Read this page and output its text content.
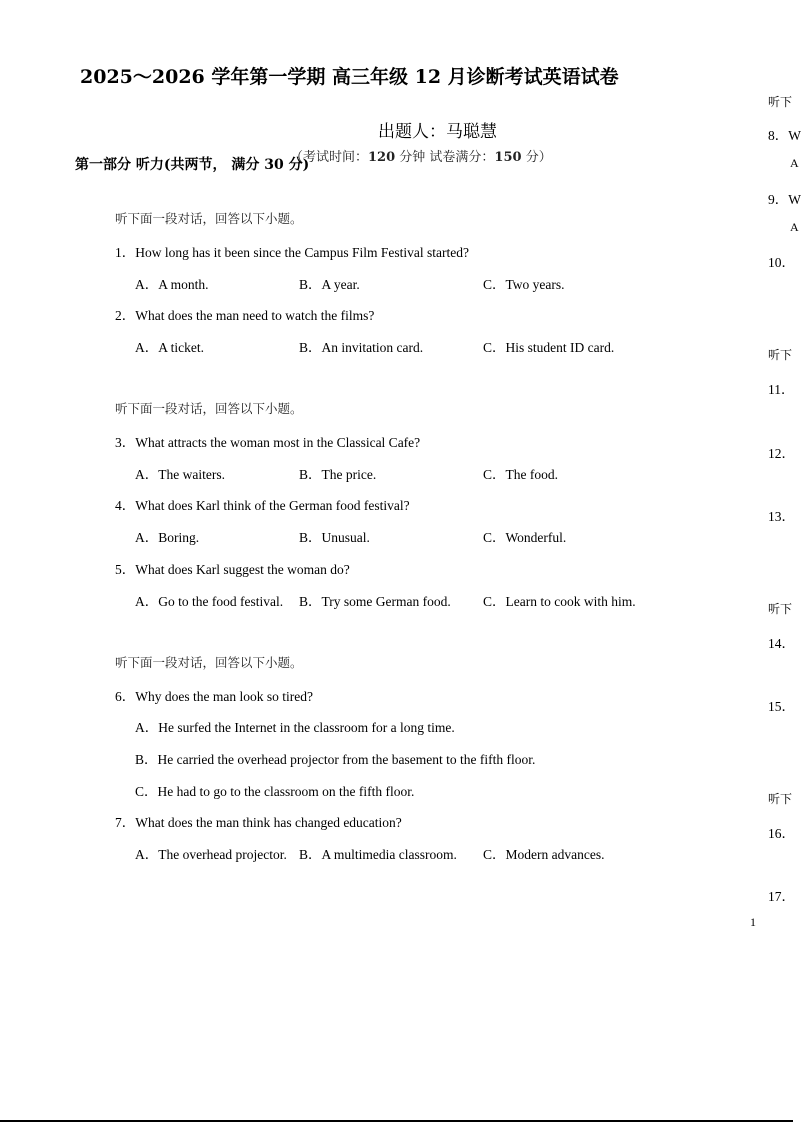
2025～2026 学年第一学期 高三年级 12 月诊断考试英语试卷
出题人：马聪慧
（考试时间：120 分钟 试卷满分：150 分）
第一部分 听力(共两节， 满分 30 分)
听下面一段对话，回答以下小题。
1．How long has it been since the Campus Film Festival started?
A．A month.	B．A year.	C．Two years.
2．What does the man need to watch the films?
A．A ticket.	B．An invitation card.	C．His student ID card.
听下面一段对话，回答以下小题。
3．What attracts the woman most in the Classical Cafe?
A．The waiters.	B．The price.	C．The food.
4．What does Karl think of the German food festival?
A．Boring.	B．Unusual.	C．Wonderful.
5．What does Karl suggest the woman do?
A．Go to the food festival. B．Try some German food. C．Learn to cook with him.
听下面一段对话，回答以下小题。
6．Why does the man look so tired?
A．He surfed the Internet in the classroom for a long time.
B．He carried the overhead projector from the basement to the fifth floor.
C．He had to go to the classroom on the fifth floor.
7．What does the man think has changed education?
A．The overhead projector. B．A multimedia classroom. C．Modern advances.
听下
8．W
A
9．W
A
10．
听下
11．
12．
13．
听下
14．
15．
听下
16．
17．
1
